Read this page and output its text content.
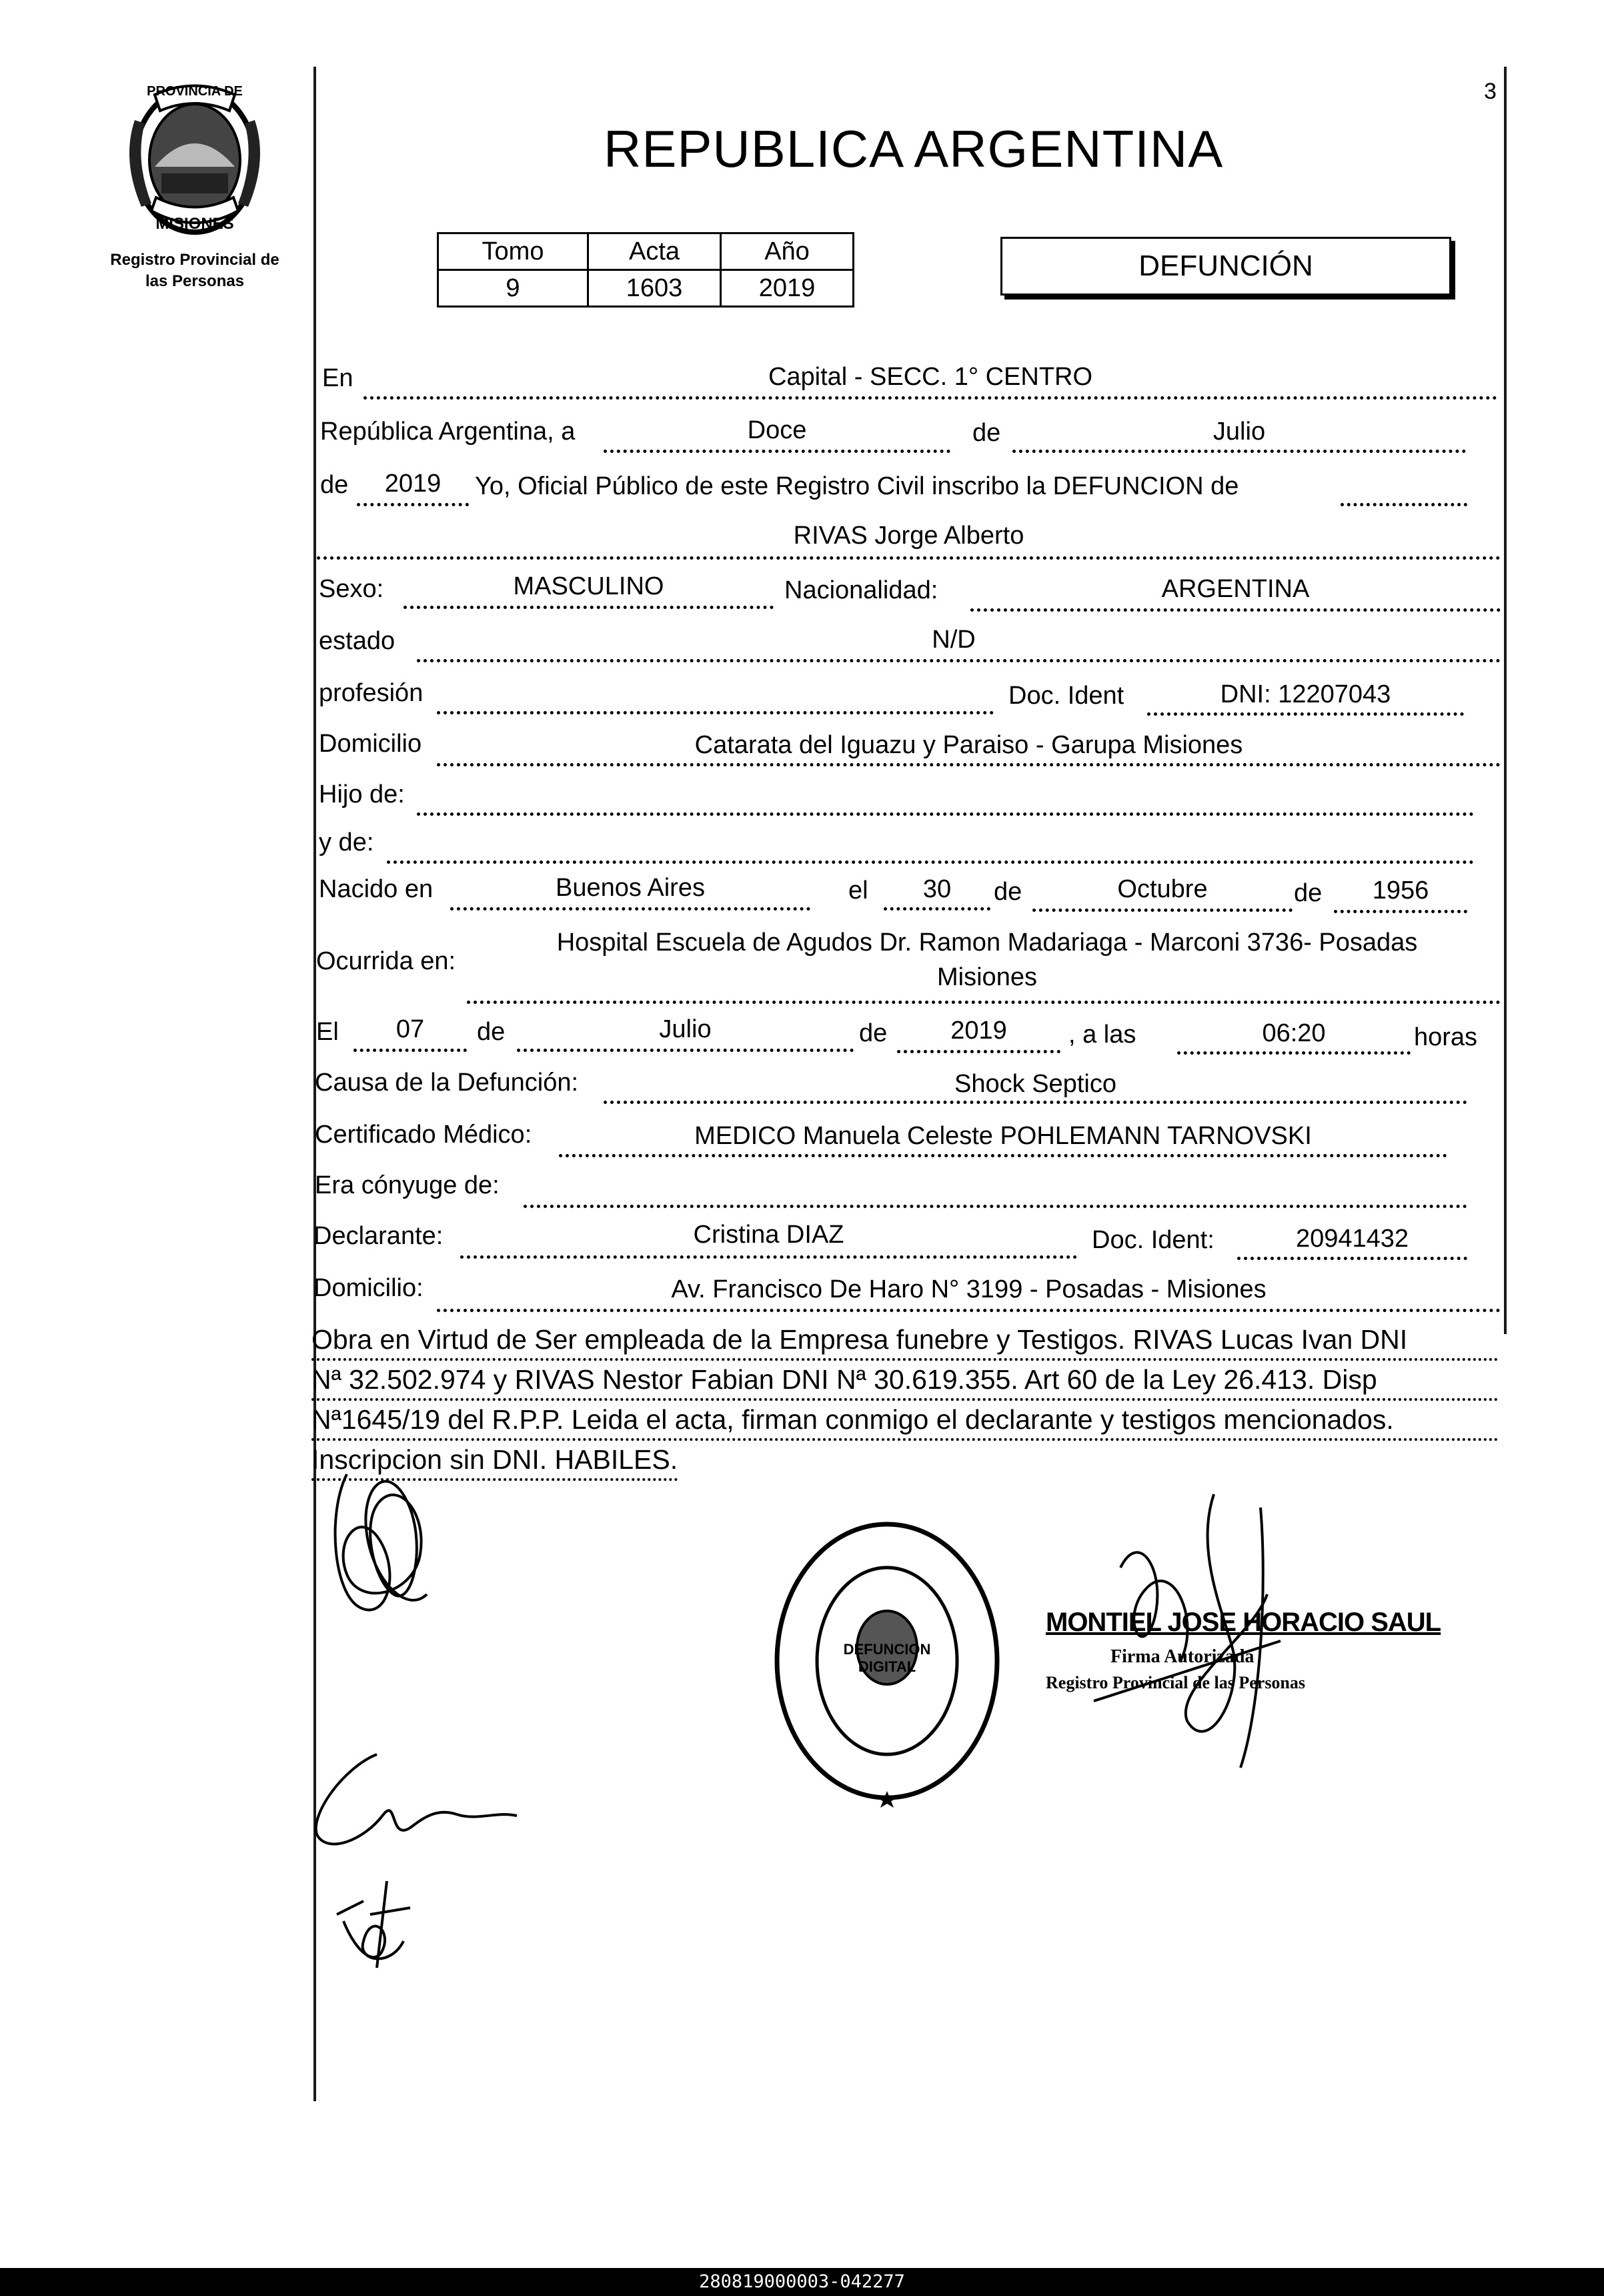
3
MISIONES
Registro Provincial de
las Personas
PROVINCIA DE
REPUBLICA ARGENTINA
Tomo	Acta	Año
9	1603	2019
DEFUNCIÓN
En	Capital - SECC. 1° CENTRO
República Argentina, a	Doce	de	Julio
de	2019	Yo, Oficial Público de este Registro Civil inscribo la DEFUNCION de
RIVAS Jorge Alberto
Sexo:	MASCULINO	Nacionalidad:	ARGENTINA
estado	N/D
profesión	Doc. Ident	DNI: 12207043
Domicilio	Catarata del Iguazu y Paraiso - Garupa Misiones
Hijo de:
y de:
Nacido en	Buenos Aires	el	30	de	Octubre	de	1956
Ocurrida en:
Hospital Escuela de Agudos Dr. Ramon Madariaga - Marconi 3736- Posadas
Misiones
El	07	de	Julio	de	2019	, a las	06:20	horas
Causa de la Defunción:	Shock Septico
Certificado Médico:	MEDICO Manuela Celeste POHLEMANN TARNOVSKI
Era cónyuge de:
Declarante:	Cristina DIAZ	Doc. Ident:	20941432
Domicilio:	Av. Francisco De Haro N° 3199 - Posadas - Misiones
Obra en Virtud de Ser empleada de la Empresa funebre y Testigos. RIVAS Lucas Ivan DNI
Nª 32.502.974 y RIVAS Nestor Fabian DNI Nª 30.619.355. Art 60 de la Ley 26.413. Disp
Nª1645/19 del R.P.P. Leida el acta, firman conmigo el declarante y testigos mencionados.
Inscripcion sin DNI. HABILES.
DEFUNCION DIGITAL
MONTIEL JOSE HORACIO SAUL
Firma Autorizada
Registro Provincial de las Personas
280819000003-042277
